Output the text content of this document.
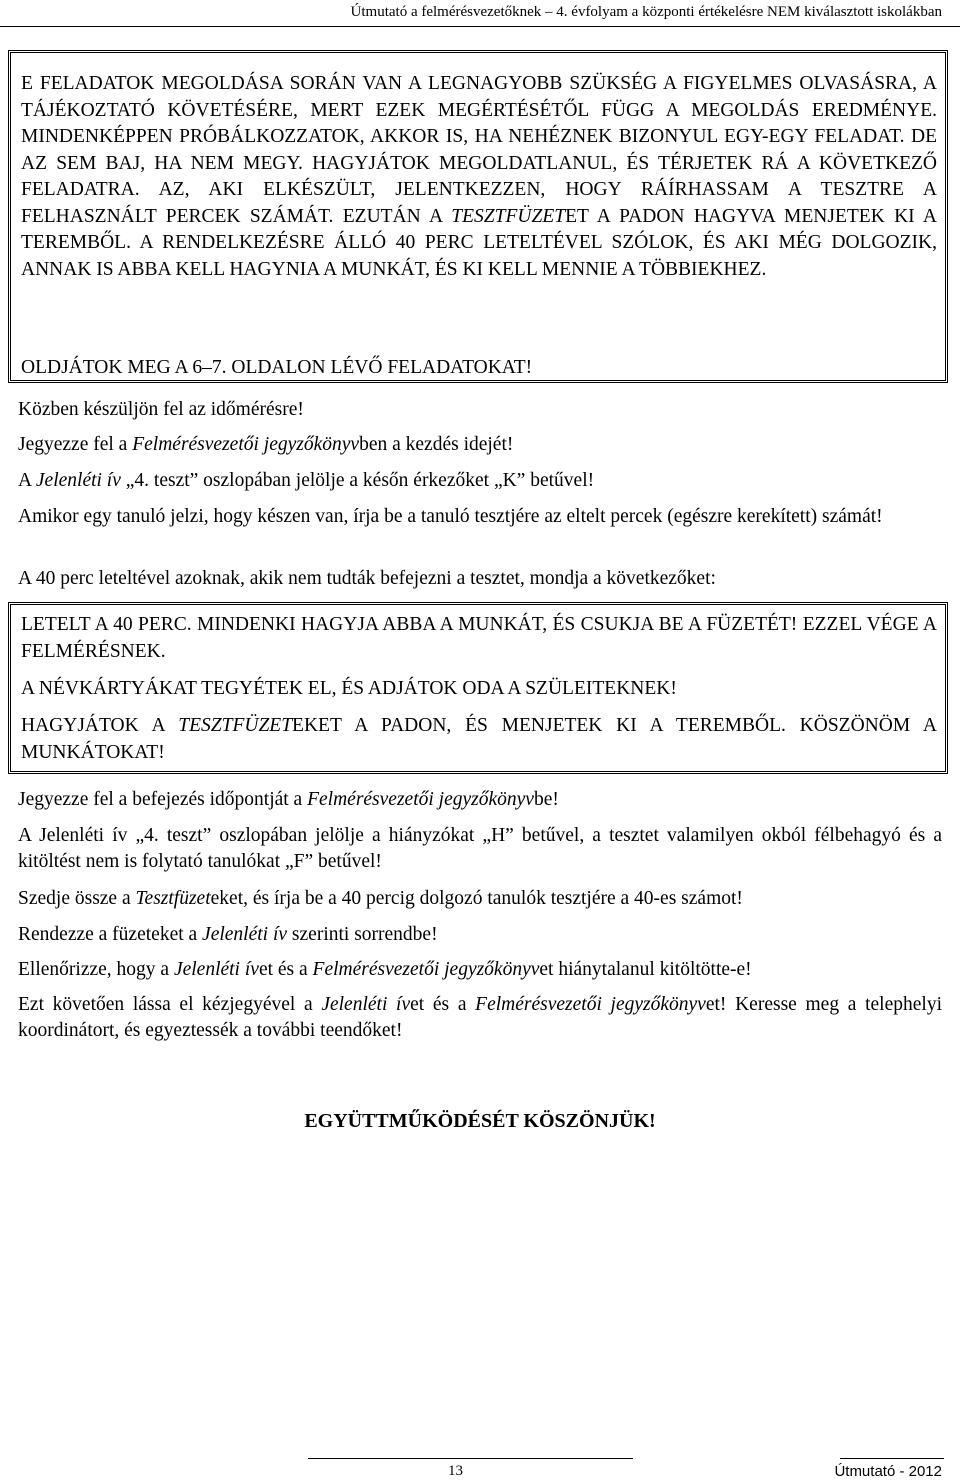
Útmutató a felmérésvezetőknek – 4. évfolyam a központi értékelésre NEM kiválasztott iskolákban

E FELADATOK MEGOLDÁSA SORÁN VAN A LEGNAGYOBB SZÜKSÉG A FIGYELMES OLVASÁSRA, A TÁJÉKOZTATÓ KÖVETÉSÉRE, MERT EZEK MEGÉRTÉSÉTŐL FÜGG A MEGOLDÁS EREDMÉNYE. MINDENKÉPPEN PRÓBÁLKOZZATOK, AKKOR IS, HA NEHÉZNEK BIZONYUL EGY-EGY FELADAT. DE AZ SEM BAJ, HA NEM MEGY. HAGYJÁTOK MEGOLDATLANUL, ÉS TÉRJETEK RÁ A KÖVETKEZŐ FELADATRA. AZ, AKI ELKÉSZÜLT, JELENTKEZZEN, HOGY RÁÍRHASSAM A TESZTRE A FELHASZNÁLT PERCEK SZÁMÁT. EZUTÁN A TESZTFÜZETET A PADON HAGYVA MENJETEK KI A TEREMBŐL. A RENDELKEZÉSRE ÁLLÓ 40 PERC LETELTÉVEL SZÓLOK, ÉS AKI MÉG DOLGOZIK, ANNAK IS ABBA KELL HAGYNIA A MUNKÁT, ÉS KI KELL MENNIE A TÖBBIEKHEZ.

OLDJÁTOK MEG A 6–7. OLDALON LÉVŐ FELADATOKAT!

Közben készüljön fel az időmérésre!

Jegyezze fel a Felmérésvezetői jegyzőkönyvben a kezdés idejét!

A Jelenléti ív „4. teszt” oszlopában jelölje a későn érkezőket „K” betűvel!

Amikor egy tanuló jelzi, hogy készen van, írja be a tanuló tesztjére az eltelt percek (egészre kerekített) számát!

A 40 perc leteltével azoknak, akik nem tudták befejezni a tesztet, mondja a következőket:

LETELT A 40 PERC. MINDENKI HAGYJA ABBA A MUNKÁT, ÉS CSUKJA BE A FÜZETÉT! EZZEL VÉGE A FELMÉRÉSNEK.

A NÉVKÁRTYÁKAT TEGYÉTEK EL, ÉS ADJÁTOK ODA A SZÜLEITEKNEK!

HAGYJÁTOK A TESZTFÜZETEKET A PADON, ÉS MENJETEK KI A TEREMBŐL. KÖSZÖNÖM A MUNKÁTOKAT!

Jegyezze fel a befejezés időpontját a Felmérésvezetői jegyzőkönyvbe!

A Jelenléti ív „4. teszt” oszlopában jelölje a hiányzókat „H” betűvel, a tesztet valamilyen okból félbehagyó és a kitöltést nem is folytató tanulókat „F” betűvel!

Szedje össze a Tesztfüzeteket, és írja be a 40 percig dolgozó tanulók tesztjére a 40-es számot!

Rendezze a füzeteket a Jelenléti ív szerinti sorrendbe!

Ellenőrizze, hogy a Jelenléti ívet és a Felmérésvezetői jegyzőkönyvet hiánytalanul kitöltötte-e!

Ezt követően lássa el kézjegyével a Jelenléti ívet és a Felmérésvezetői jegyzőkönyvet! Keresse meg a telephelyi koordinátort, és egyeztessék a további teendőket!

EGYÜTTMŰKÖDÉSÉT KÖSZÖNJÜK!
13	Útmutató - 2012
